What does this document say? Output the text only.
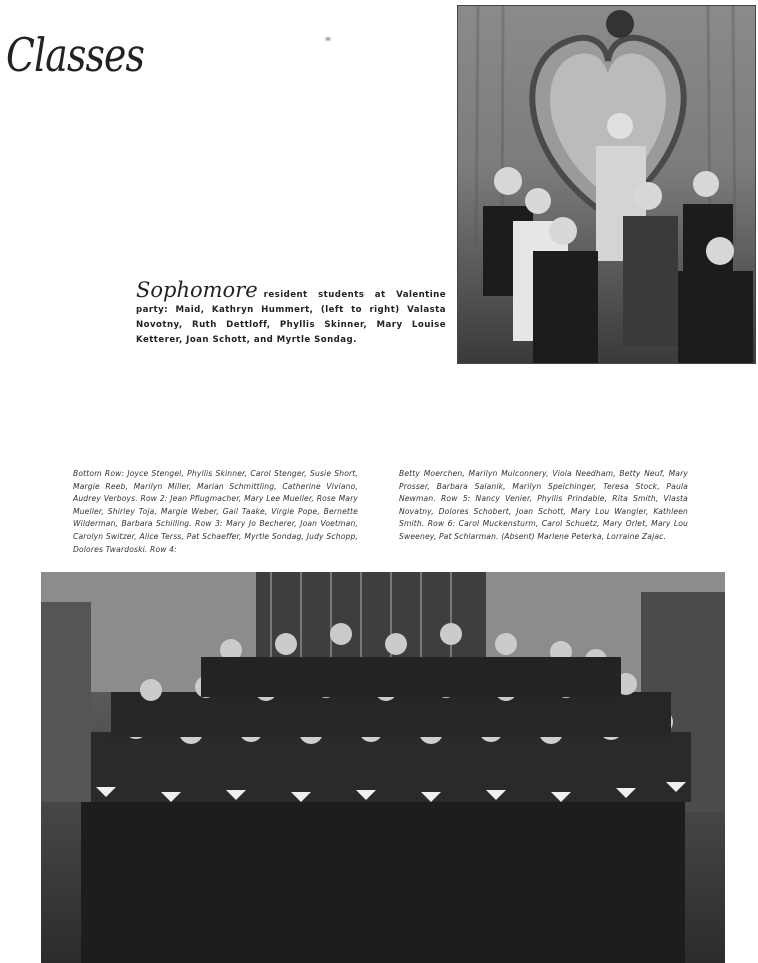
Classes
Sophomore resident students at Valentine party: Maid, Kathryn Hummert, (left to right) Valasta Novotny, Ruth Dettloff, Phyllis Skinner, Mary Louise Ketterer, Joan Schott, and Myrtle Sondag.
Bottom Row: Joyce Stengel, Phyllis Skinner, Carol Stenger, Susie Short, Margie Reeb, Marilyn Miller, Marian Schmittling, Catherine Viviano, Audrey Verboys. Row 2: Jean Pflugmacher, Mary Lee Mueller, Rose Mary Mueller, Shirley Toja, Margie Weber, Gail Taake, Virgie Pope, Bernette Wilderman, Barbara Schilling. Row 3: Mary Jo Becherer, Joan Voetman, Carolyn Switzer, Alice Terss, Pat Schaeffer, Myrtle Sondag, Judy Schopp, Dolores Twardoski. Row 4:
Betty Moerchen, Marilyn Mulconnery, Viola Needham, Betty Neuf, Mary Prosser, Barbara Salanik, Marilyn Speichinger, Teresa Stock, Paula Newman. Row 5: Nancy Venier, Phyllis Prindable, Rita Smith, Vlasta Novatny, Dolores Schobert, Joan Schott, Mary Lou Wangler, Kathleen Smith. Row 6: Carol Muckensturm, Carol Schuetz, Mary Orlet, Mary Lou Sweeney, Pat Schlarman. (Absent) Marlene Peterka, Lorraine Zajac.
